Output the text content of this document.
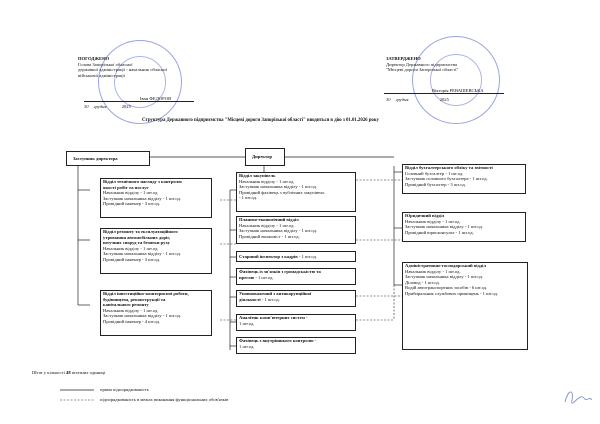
ПОГОДЖЕНО
Голова Запорізької обласної
державної адміністрації - начальник обласної
військової адміністрації
Іван ФЕДОРОВ
30 грудня	2025
ЗАТВЕРДЖЕНО
Директор Державного підприємства
"Місцеві дороги Запорізької області"
Вікторія РЕВАШЕВСЬКА
30 грудня	2025
Структура Державного підприємства "Місцеві дороги Запорізької області" вводиться в дію з 01.01.2026 року
Директор
Заступник директора
Відділ технічного нагляду з контролю
якості робіт та послуг
Начальник відділу - 1 шт.од.
Заступник начальника відділу - 1 шт.од.
Провідний інженер - 3 шт.од.
Відділ ремонту та експлуатаційного
утримання автомобільних доріг,
штучних споруд та безпеки руху
Начальник відділу - 1 шт.од.
Заступник начальника відділу - 1 шт.од.
Провідний інженер - 3 шт.од.
Відділ інвестиційно-кошторисної роботи,
будівництва, реконструкції та
капітального ремонту
Начальник відділу - 1 шт.од.
Заступник начальника відділу - 1 шт.од.
Провідний інженер - 4 шт.од.
Відділ закупівель
Начальник відділу - 1 шт.од.
Заступник начальника відділу - 1 шт.од.
Провідний фахівець з публічних закупівель
- 1 шт.од.
Планово-економічний відділ
Начальник відділу - 1 шт.од.
Заступник начальника відділу - 1 шт.од.
Провідний економіст - 1 шт.од.
Старший інспектор з кадрів - 1 шт.од.
Фахівець із зв'язків з громадськістю та
пресою - 1 шт.од.
Уповноважений з антикорупційної
діяльності - 1 шт.од.
Аналітик комп'ютерних систем -
1 шт.од.
Фахівець з внутрішнього контролю -
1 шт.од.
Відділ бухгалтерського обліку та звітності
Головний бухгалтер - 1 шт.од.
Заступник головного бухгалтера - 1 шт.од.
Провідний бухгалтер - 3 шт.од.
Юридичний відділ
Начальник відділу - 1 шт.од.
Заступник начальника відділу - 1 шт.од.
Провідний юрисконсульт - 1 шт.од.
Адміністративно-господарський відділ
Начальник відділу - 1 шт.од.
Заступник начальника відділу - 1 шт.од.
Діловод - 1 шт.од.
Водій автотранспортних засобів - 6 шт.од.
Прибиральник службових приміщень - 1 шт.од.
Штат у кількості 48 штатних одиниці
пряма підпорядкованість
підпорядкованість в межах виконання функціональних обов'язків
